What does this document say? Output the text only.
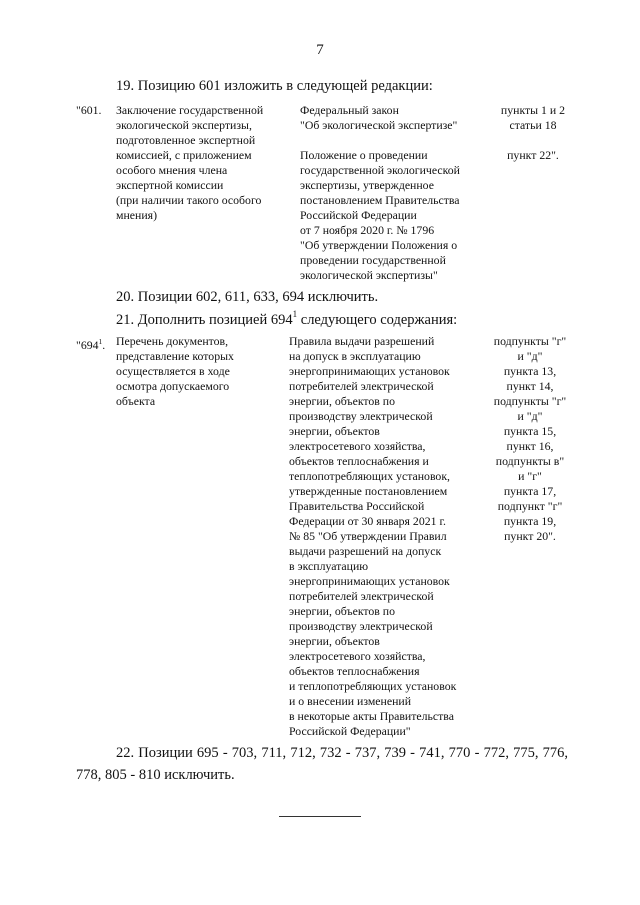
7
19. Позицию 601 изложить в следующей редакции:
"601. Заключение государственной
экологической экспертизы,
подготовленное экспертной
комиссией, с приложением
особого мнения члена
экспертной комиссии
(при наличии такого особого
мнения)
Федеральный закон
"Об экологической экспертизе"
пункты 1 и 2
статьи 18
Положение о проведении
государственной экологической
экспертизы, утвержденное
постановлением Правительства
Российской Федерации
от 7 ноября 2020 г. № 1796
"Об утверждении Положения о
проведении государственной
экологической экспертизы"
пункт 22".
20. Позиции 602, 611, 633, 694 исключить.
21. Дополнить позицией $694^1$ следующего содержания:
"$694^1$. Перечень документов,
представление которых
осуществляется в ходе
осмотра допускаемого
объекта
Правила выдачи разрешений
на допуск в эксплуатацию
энергопринимающих установок
потребителей электрической
энергии, объектов по
производству электрической
энергии, объектов
электросетевого хозяйства,
объектов теплоснабжения и
теплопотребляющих установок,
утвержденные постановлением
Правительства Российской
Федерации от 30 января 2021 г.
№ 85 "Об утверждении Правил
выдачи разрешений на допуск
в эксплуатацию
энергопринимающих установок
потребителей электрической
энергии, объектов по
производству электрической
энергии, объектов
электросетевого хозяйства,
объектов теплоснабжения
и теплопотребляющих установок
и о внесении изменений
в некоторые акты Правительства
Российской Федерации"
подпункты "г"
и "д"
пункта 13,
пункт 14,
подпункты "г"
и "д"
пункта 15,
пункт 16,
подпункты в"
и "г"
пункта 17,
подпункт "г"
пункта 19,
пункт 20".
22. Позиции 695 - 703, 711, 712, 732 - 737, 739 - 741, 770 - 772, 775, 776, 778, 805 - 810 исключить.
